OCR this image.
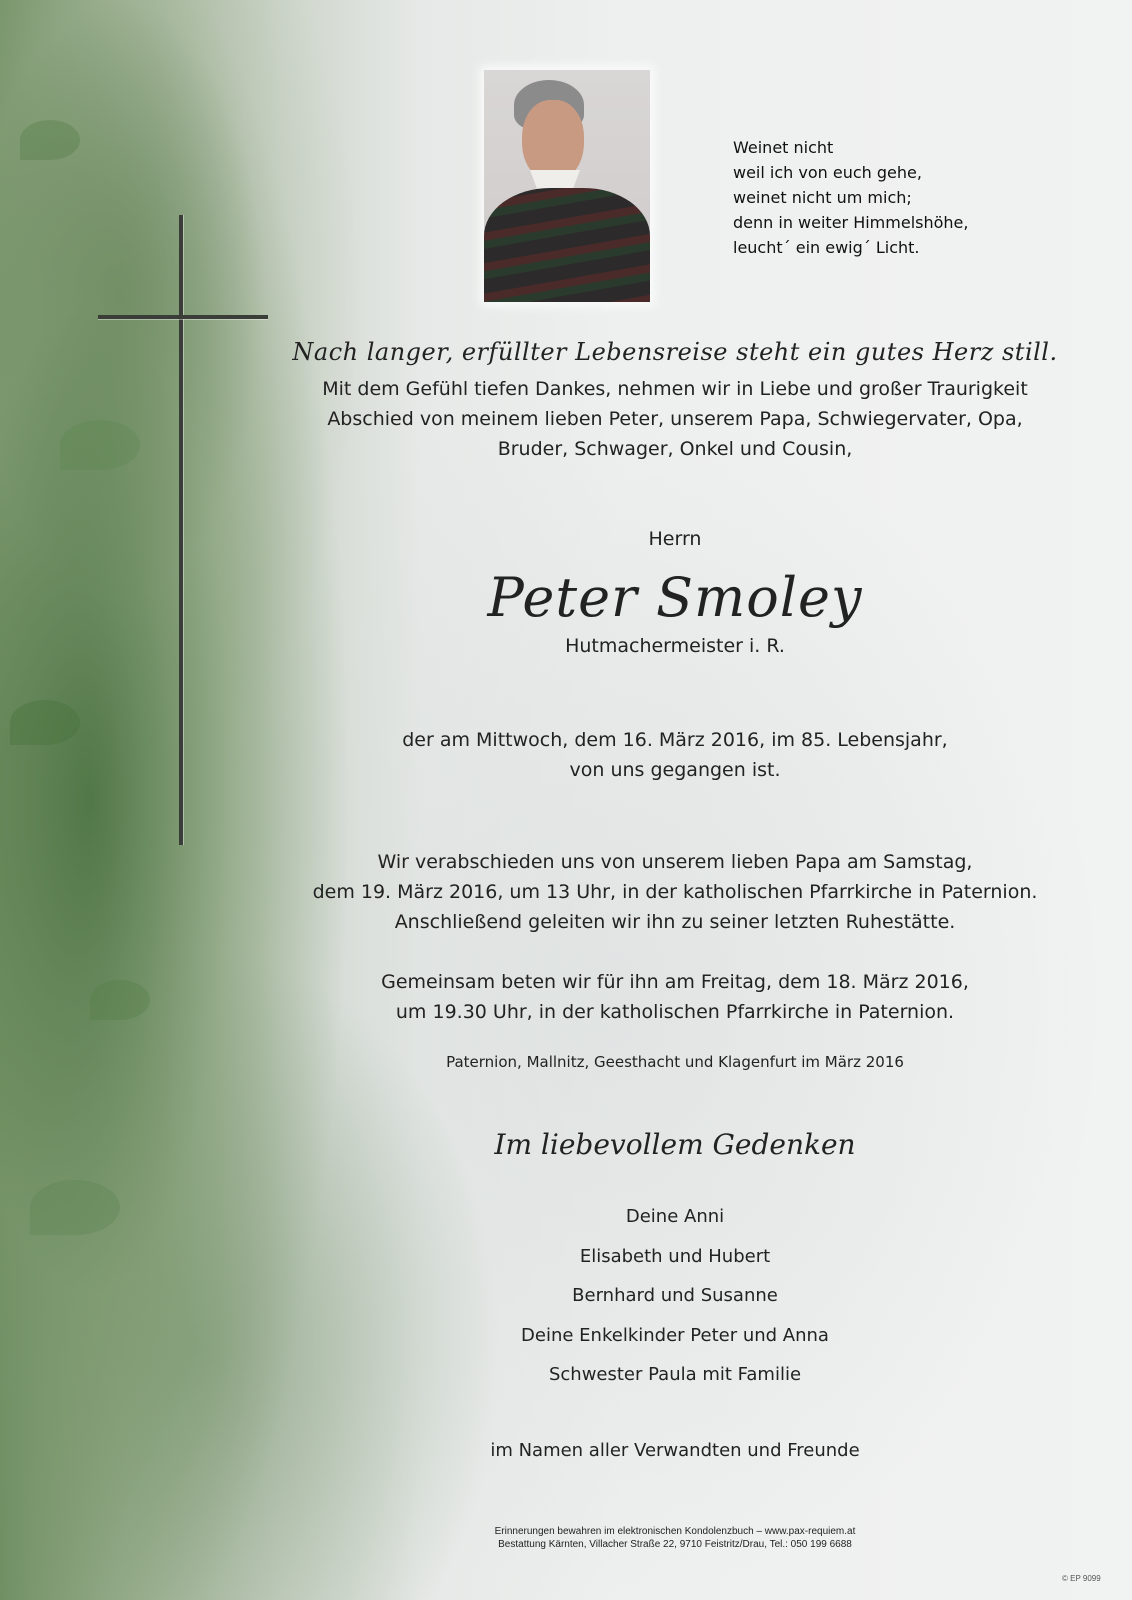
Weinet nicht
weil ich von euch gehe,
weinet nicht um mich;
denn in weiter Himmelshöhe,
leucht´ ein ewig´ Licht.
Nach langer, erfüllter Lebensreise steht ein gutes Herz still.
Mit dem Gefühl tiefen Dankes, nehmen wir in Liebe und großer Traurigkeit
Abschied von meinem lieben Peter, unserem Papa, Schwiegervater, Opa,
Bruder, Schwager, Onkel und Cousin,
Herrn
Peter Smoley
Hutmachermeister i. R.
der am Mittwoch, dem 16. März 2016, im 85. Lebensjahr,
von uns gegangen ist.
Wir verabschieden uns von unserem lieben Papa am Samstag,
dem 19. März 2016, um 13 Uhr, in der katholischen Pfarrkirche in Paternion.
Anschließend geleiten wir ihn zu seiner letzten Ruhestätte.
Gemeinsam beten wir für ihn am Freitag, dem 18. März 2016,
um 19.30 Uhr, in der katholischen Pfarrkirche in Paternion.
Paternion, Mallnitz, Geesthacht und Klagenfurt im März 2016
Im liebevollem Gedenken
Deine Anni
Elisabeth und Hubert
Bernhard und Susanne
Deine Enkelkinder Peter und Anna
Schwester Paula mit Familie
im Namen aller Verwandten und Freunde
Erinnerungen bewahren im elektronischen Kondolenzbuch – www.pax-requiem.at
Bestattung Kärnten, Villacher Straße 22, 9710 Feistritz/Drau, Tel.: 050 199 6688
© EP 9099
